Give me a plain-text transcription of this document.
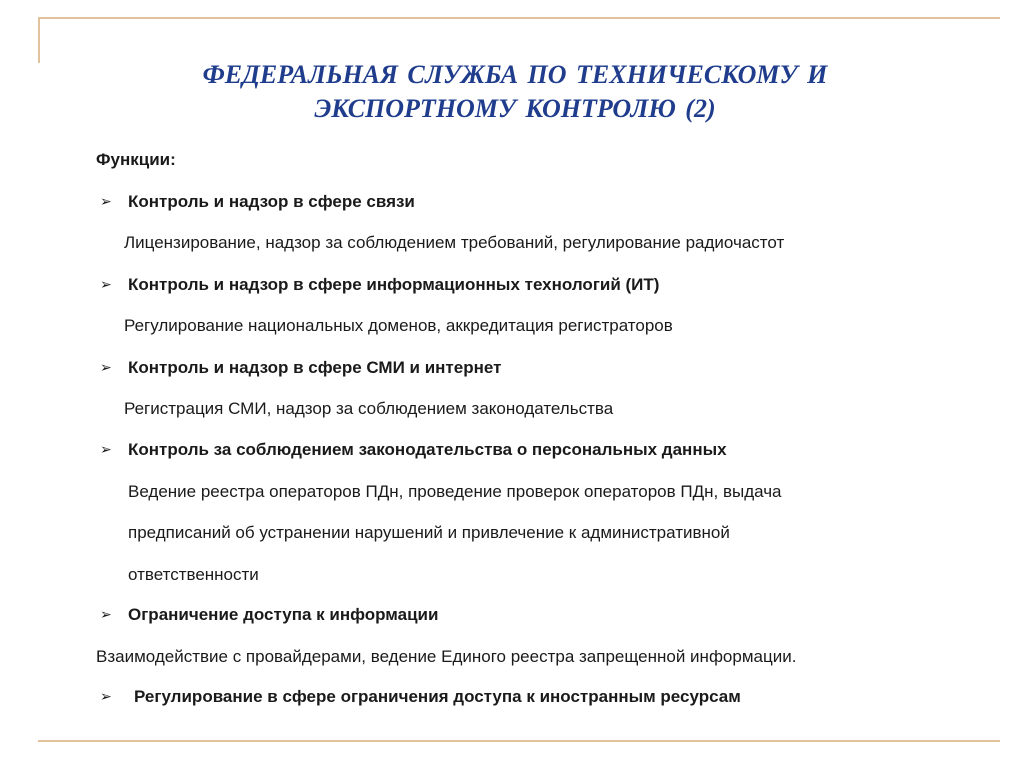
ФЕДЕРАЛЬНАЯ СЛУЖБА ПО ТЕХНИЧЕСКОМУ И
ЭКСПОРТНОМУ КОНТРОЛЮ (2)
Функции:
➢ Контроль и надзор в сфере связи
Лицензирование, надзор за соблюдением требований, регулирование радиочастот
➢ Контроль и надзор в сфере информационных технологий (ИТ)
Регулирование национальных доменов, аккредитация регистраторов
➢ Контроль и надзор в сфере СМИ и интернет
Регистрация СМИ, надзор за соблюдением законодательства
➢ Контроль за соблюдением законодательства о персональных данных
Ведение реестра операторов ПДн, проведение проверок операторов ПДн, выдача
предписаний об устранении нарушений и привлечение к административной
ответственности
➢ Ограничение доступа к информации
Взаимодействие с провайдерами, ведение Единого реестра запрещенной информации.
➢ Регулирование в сфере ограничения доступа к иностранным ресурсам
